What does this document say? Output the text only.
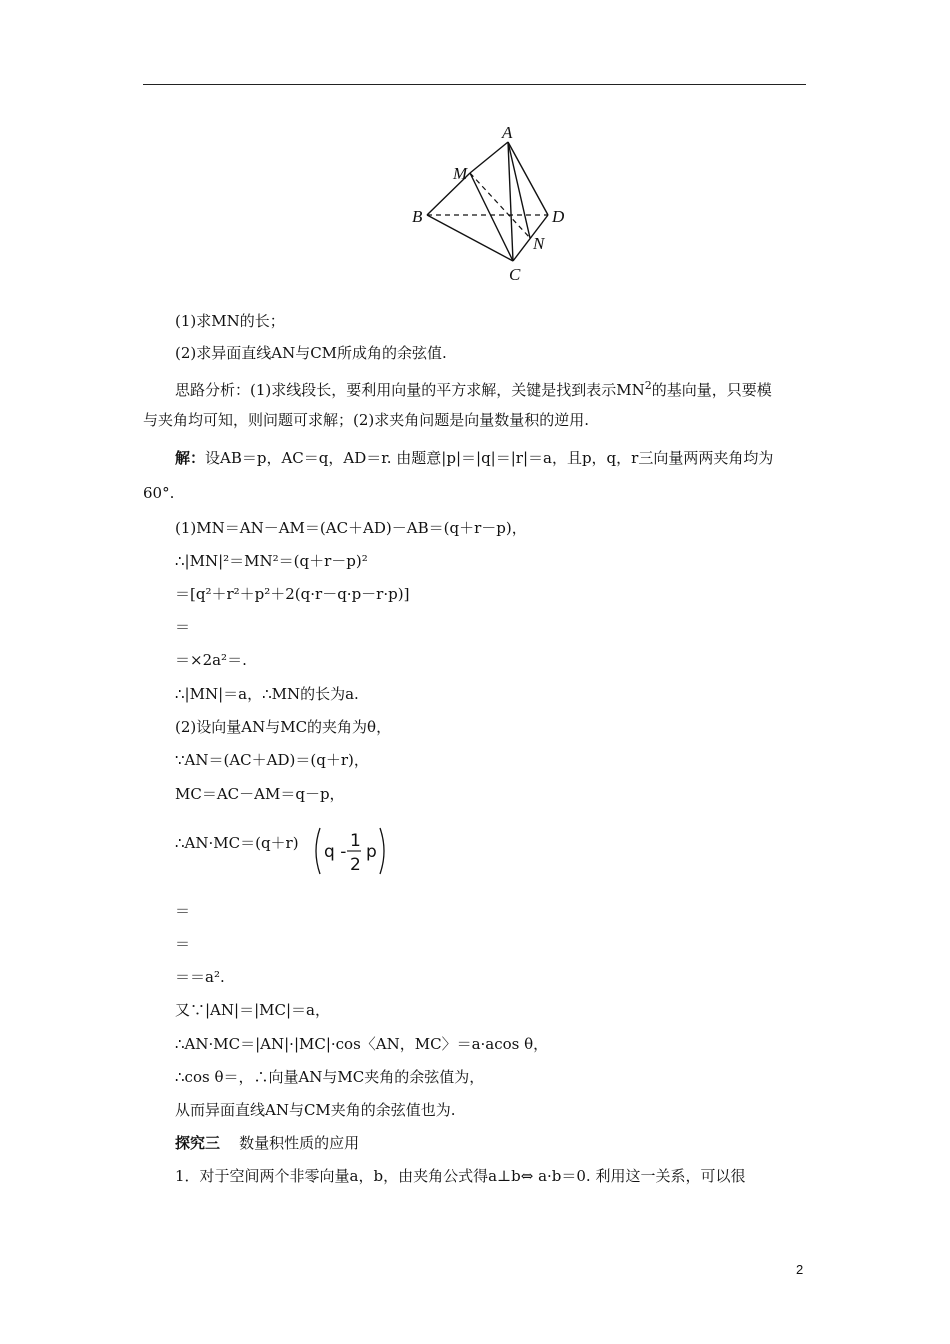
A
M
B	D
N
C
(1)求MN的长；
(2)求异面直线AN与CM所成角的余弦值.
思路分析：(1)求线段长，要利用向量的平方求解，关键是找到表示$MN^2$的基向量，只要模
与夹角均可知，则问题可求解；(2)求夹角问题是向量数量积的逆用.
解：设AB＝p，AC＝q，AD＝r. 由题意|p|＝|q|＝|r|＝a，且p，q，r三向量两两夹角均为
60°.
(1)MN＝AN－AM＝(AC＋AD)－AB＝(q＋r－p)，
∴|MN|²＝MN²＝(q＋r－p)²
＝[q²＋r²＋p²＋2(q·r－q·p－r·p)]
＝
＝×2a²＝.
∴|MN|＝a，∴MN的长为a.
(2)设向量AN与MC的夹角为θ，
∵AN＝(AC＋AD)＝(q＋r)，
MC＝AC－AM＝q－p，
∴AN·MC＝(q＋r) q -
1
2
p
＝
＝
＝＝a².
又∵|AN|＝|MC|＝a，
∴AN·MC＝|AN|·|MC|·cos〈AN，MC〉＝a·acos θ，
∴cos θ＝，∴向量AN与MC夹角的余弦值为，
从而异面直线AN与CM夹角的余弦值也为.
探究三 数量积性质的应用
1．对于空间两个非零向量a，b，由夹角公式得a⊥b⇔ a·b＝0. 利用这一关系，可以很
2
